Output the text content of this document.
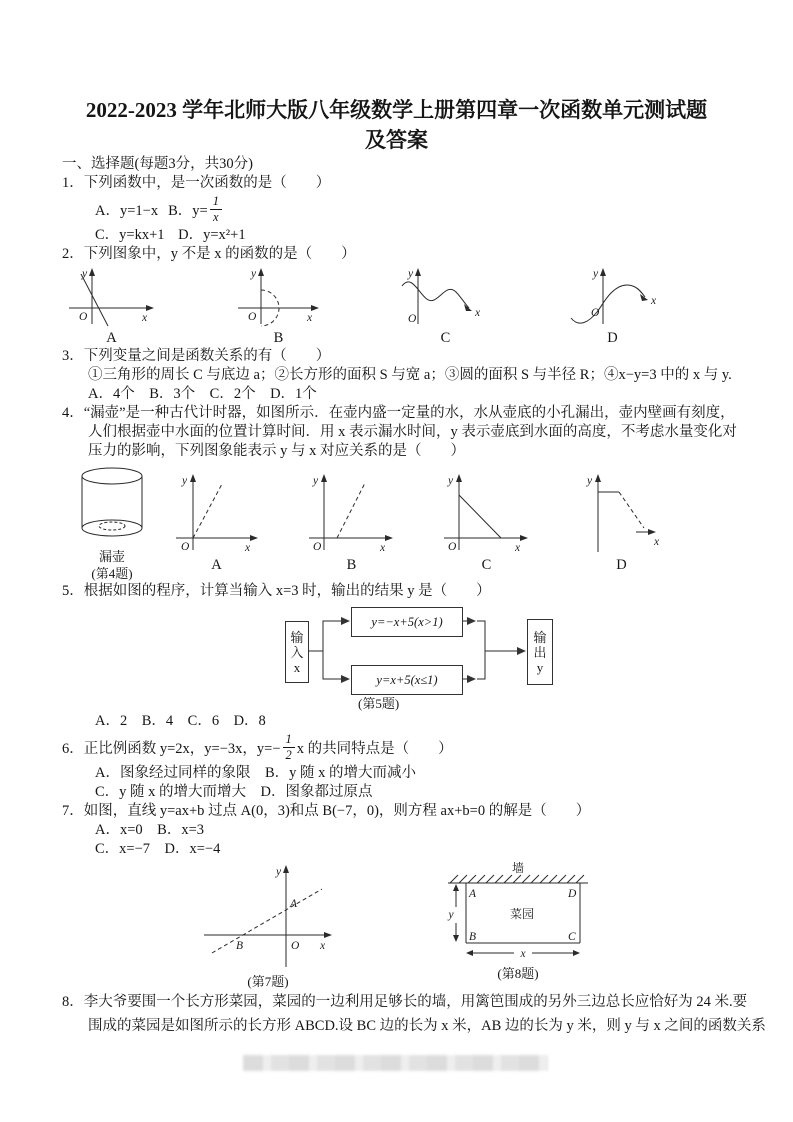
2022-2023 学年北师大版八年级数学上册第四章一次函数单元测试题
及答案
一、选择题(每题3分，共30分)
1．下列函数中，是一次函数的是（　　）
A．y=1−x B．$y= \frac{1}{x}$
C．y=kx+1 D．y=x²+1
2．下列图象中，y 不是 x 的函数的是（　　）
y
O	x
A
y
O	x
B
y
O	x
C
y
O
x
D
3．下列变量之间是函数关系的有（　　）
①三角形的周长 C 与底边 a；②长方形的面积 S 与宽 a；③圆的面积 S 与半径 R；④x−y=3 中的 x 与 y.
A．4个　B．3个　C．2个　D．1个
4．“漏壶”是一种古代计时器，如图所示．在壶内盛一定量的水，水从壶底的小孔漏出，壶内壁画有刻度，
人们根据壶中水面的位置计算时间．用 x 表示漏水时间，y 表示壶底到水面的高度，不考虑水量变化对
压力的影响，下列图象能表示 y 与 x 对应关系的是（　　）
漏壶
(第4题)
y
O	x
A
y
O	x
B
y
O	x
C
y
x
D
5．根据如图的程序，计算当输入 x=3 时，输出的结果 y 是（　　）
输入x
y=−x+5(x>1)
y=x+5(x≤1)
输出y
(第5题)
A．2　B．4　C．6　D．8
6．正比例函数 y=2x，y=−3x，$y=- \frac{1}{2}$ x 的共同特点是（　　）
A．图象经过同样的象限　B．y 随 x 的增大而减小
C．y 随 x 的增大而增大　D．图象都过原点
7．如图，直线 y=ax+b 过点 A(0，3)和点 B(−7，0)，则方程 ax+b=0 的解是（　　）
A．x=0　B．x=3
C．x=−7　D．x=−4
y
A
B	O x
(第7题)
墙
A	D
B	C
菜园
y
x
(第8题)
8．李大爷要围一个长方形菜园，菜园的一边利用足够长的墙，用篱笆围成的另外三边总长应恰好为 24 米.要
围成的菜园是如图所示的长方形 ABCD.设 BC 边的长为 x 米，AB 边的长为 y 米，则 y 与 x 之间的函数关系
